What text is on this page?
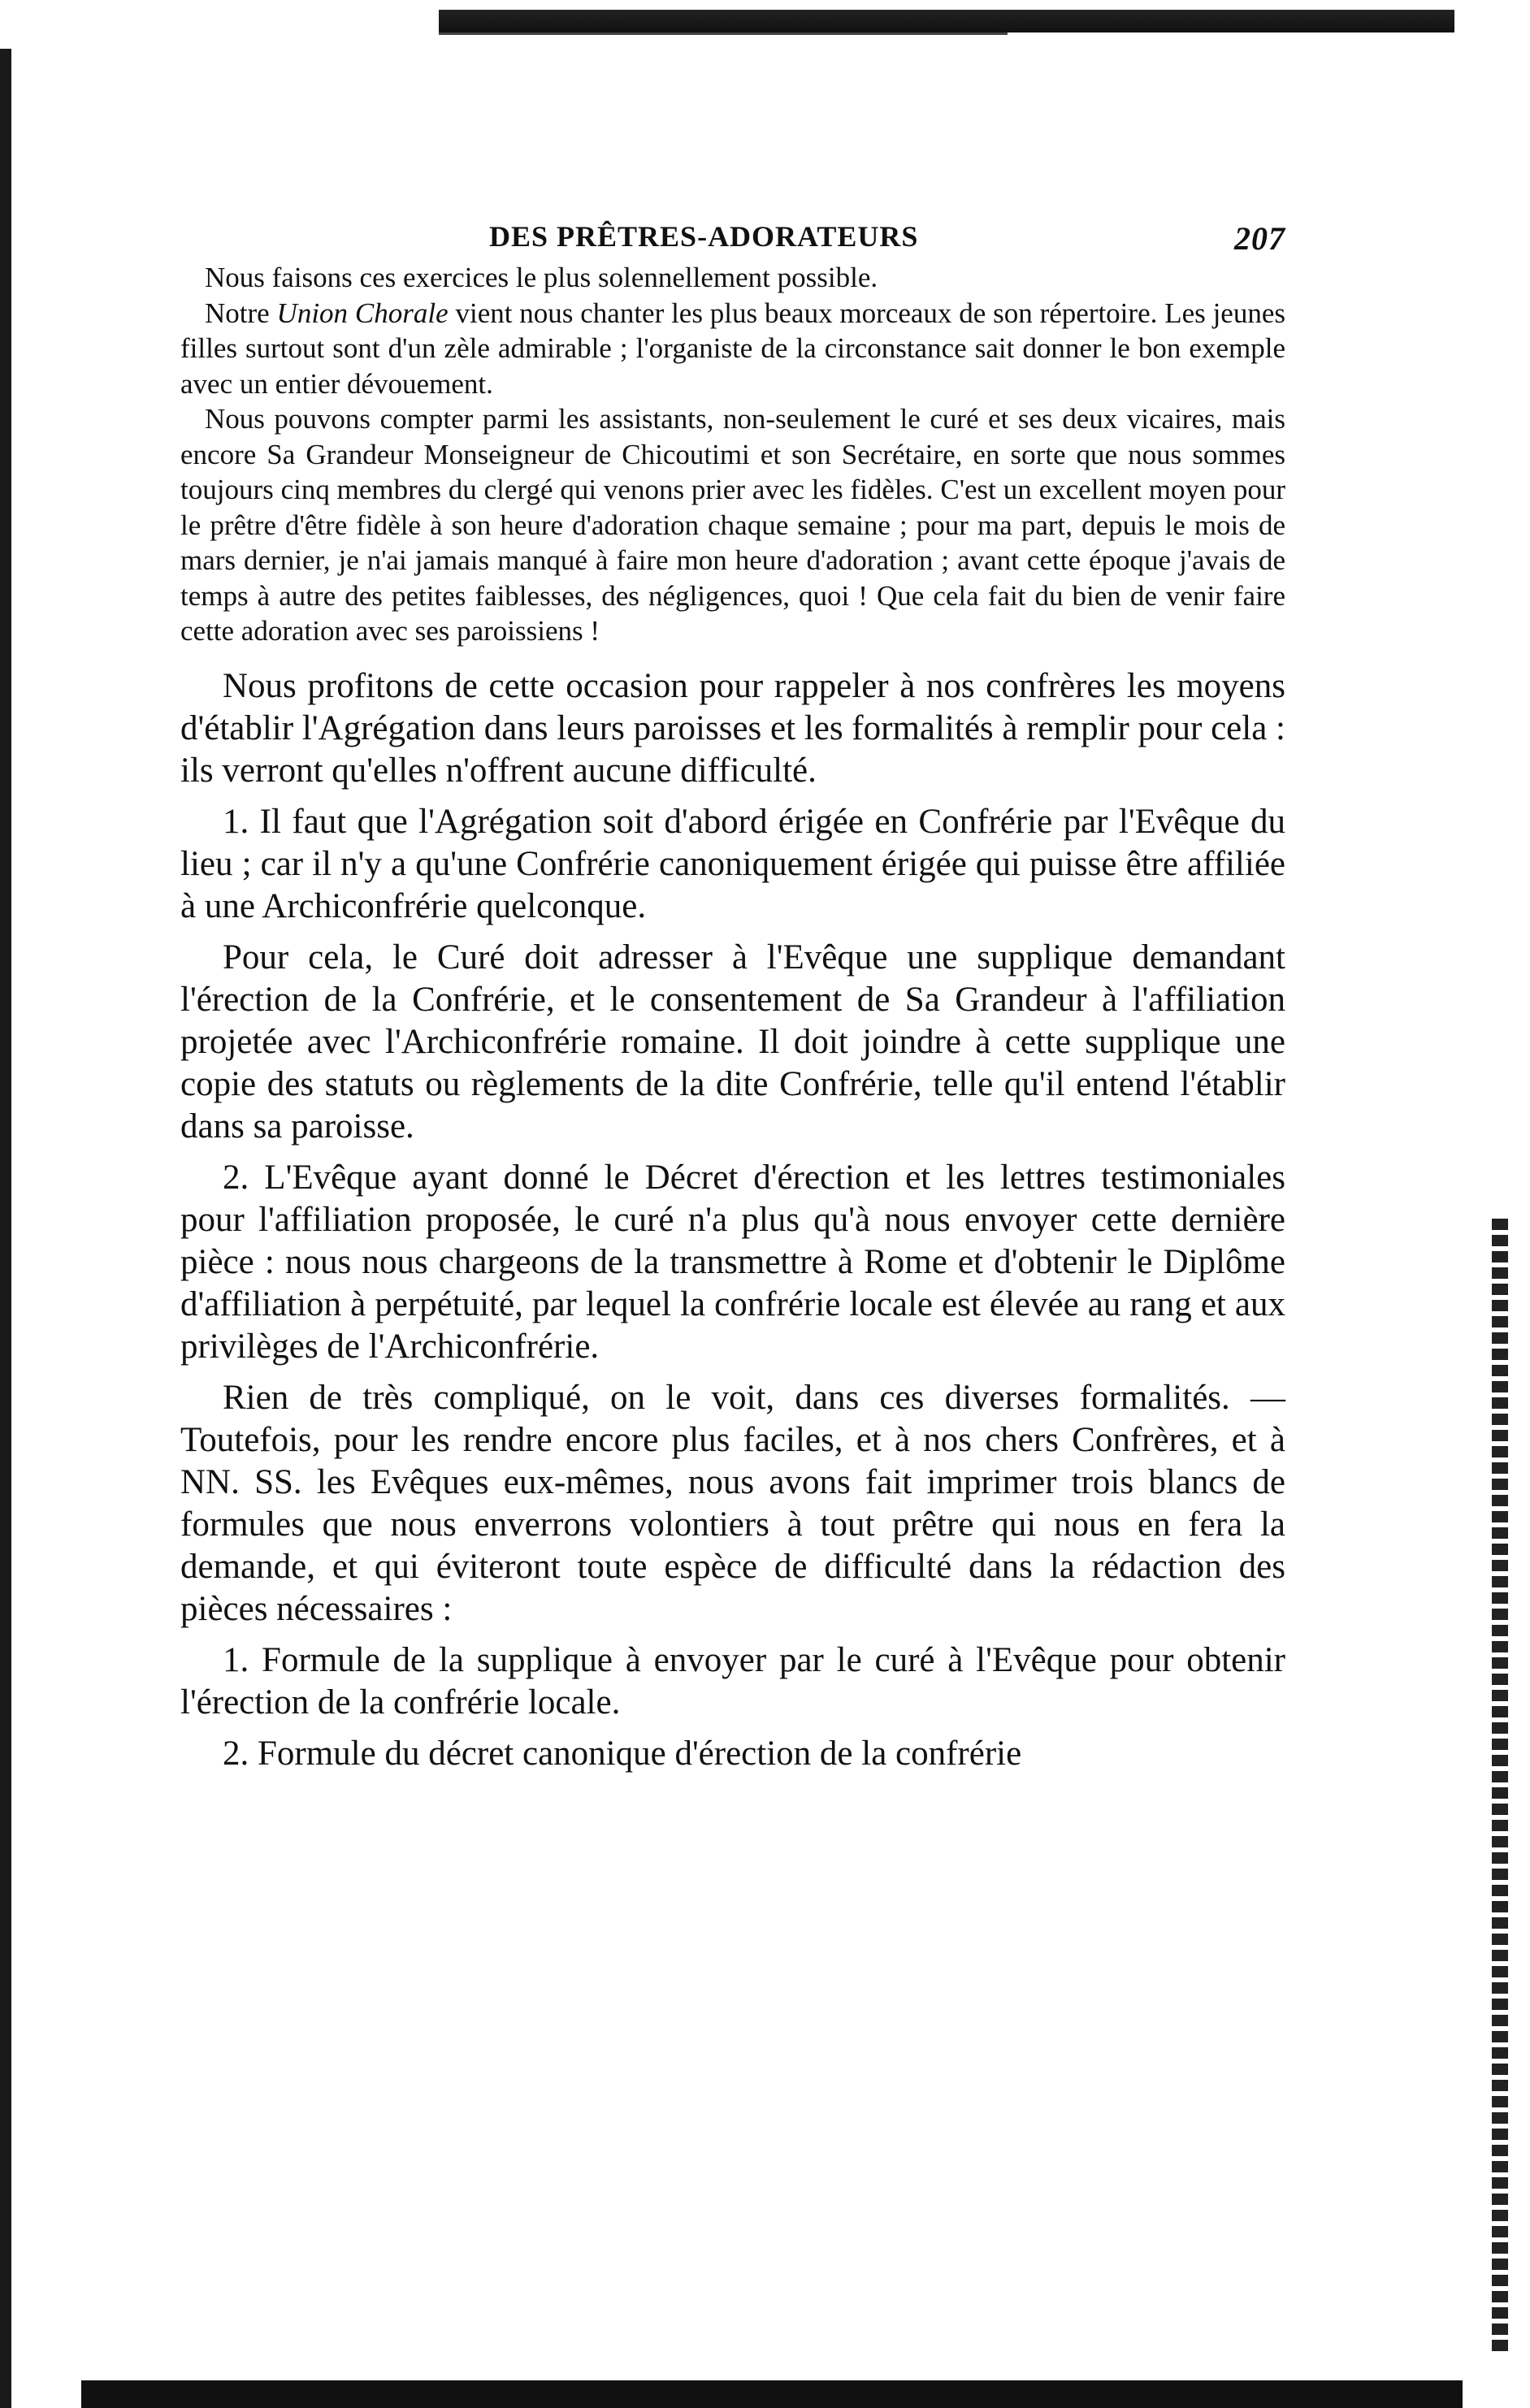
DES PRÊTRES-ADORATEURS	207

Nous faisons ces exercices le plus solennellement possible.

Notre Union Chorale vient nous chanter les plus beaux morceaux de son répertoire. Les jeunes filles surtout sont d'un zèle admirable ; l'organiste de la circonstance sait donner le bon exemple avec un entier dévouement.

Nous pouvons compter parmi les assistants, non-seulement le curé et ses deux vicaires, mais encore Sa Grandeur Monseigneur de Chicoutimi et son Secrétaire, en sorte que nous sommes toujours cinq membres du clergé qui venons prier avec les fidèles. C'est un excellent moyen pour le prêtre d'être fidèle à son heure d'adoration chaque semaine ; pour ma part, depuis le mois de mars dernier, je n'ai jamais manqué à faire mon heure d'adoration ; avant cette époque j'avais de temps à autre des petites faiblesses, des négligences, quoi ! Que cela fait du bien de venir faire cette adoration avec ses paroissiens !

Nous profitons de cette occasion pour rappeler à nos confrères les moyens d'établir l'Agrégation dans leurs paroisses et les formalités à remplir pour cela : ils verront qu'elles n'offrent aucune difficulté.

1. Il faut que l'Agrégation soit d'abord érigée en Confrérie par l'Evêque du lieu ; car il n'y a qu'une Confrérie canoniquement érigée qui puisse être affiliée à une Archiconfrérie quelconque.

Pour cela, le Curé doit adresser à l'Evêque une supplique demandant l'érection de la Confrérie, et le consentement de Sa Grandeur à l'affiliation projetée avec l'Archiconfrérie romaine. Il doit joindre à cette supplique une copie des statuts ou règlements de la dite Confrérie, telle qu'il entend l'établir dans sa paroisse.

2. L'Evêque ayant donné le Décret d'érection et les lettres testimoniales pour l'affiliation proposée, le curé n'a plus qu'à nous envoyer cette dernière pièce : nous nous chargeons de la transmettre à Rome et d'obtenir le Diplôme d'affiliation à perpétuité, par lequel la confrérie locale est élevée au rang et aux privilèges de l'Archiconfrérie.

Rien de très compliqué, on le voit, dans ces diverses formalités. — Toutefois, pour les rendre encore plus faciles, et à nos chers Confrères, et à NN. SS. les Evêques eux-mêmes, nous avons fait imprimer trois blancs de formules que nous enverrons volontiers à tout prêtre qui nous en fera la demande, et qui éviteront toute espèce de difficulté dans la rédaction des pièces nécessaires :

1. Formule de la supplique à envoyer par le curé à l'Evêque pour obtenir l'érection de la confrérie locale.

2. Formule du décret canonique d'érection de la confrérie
